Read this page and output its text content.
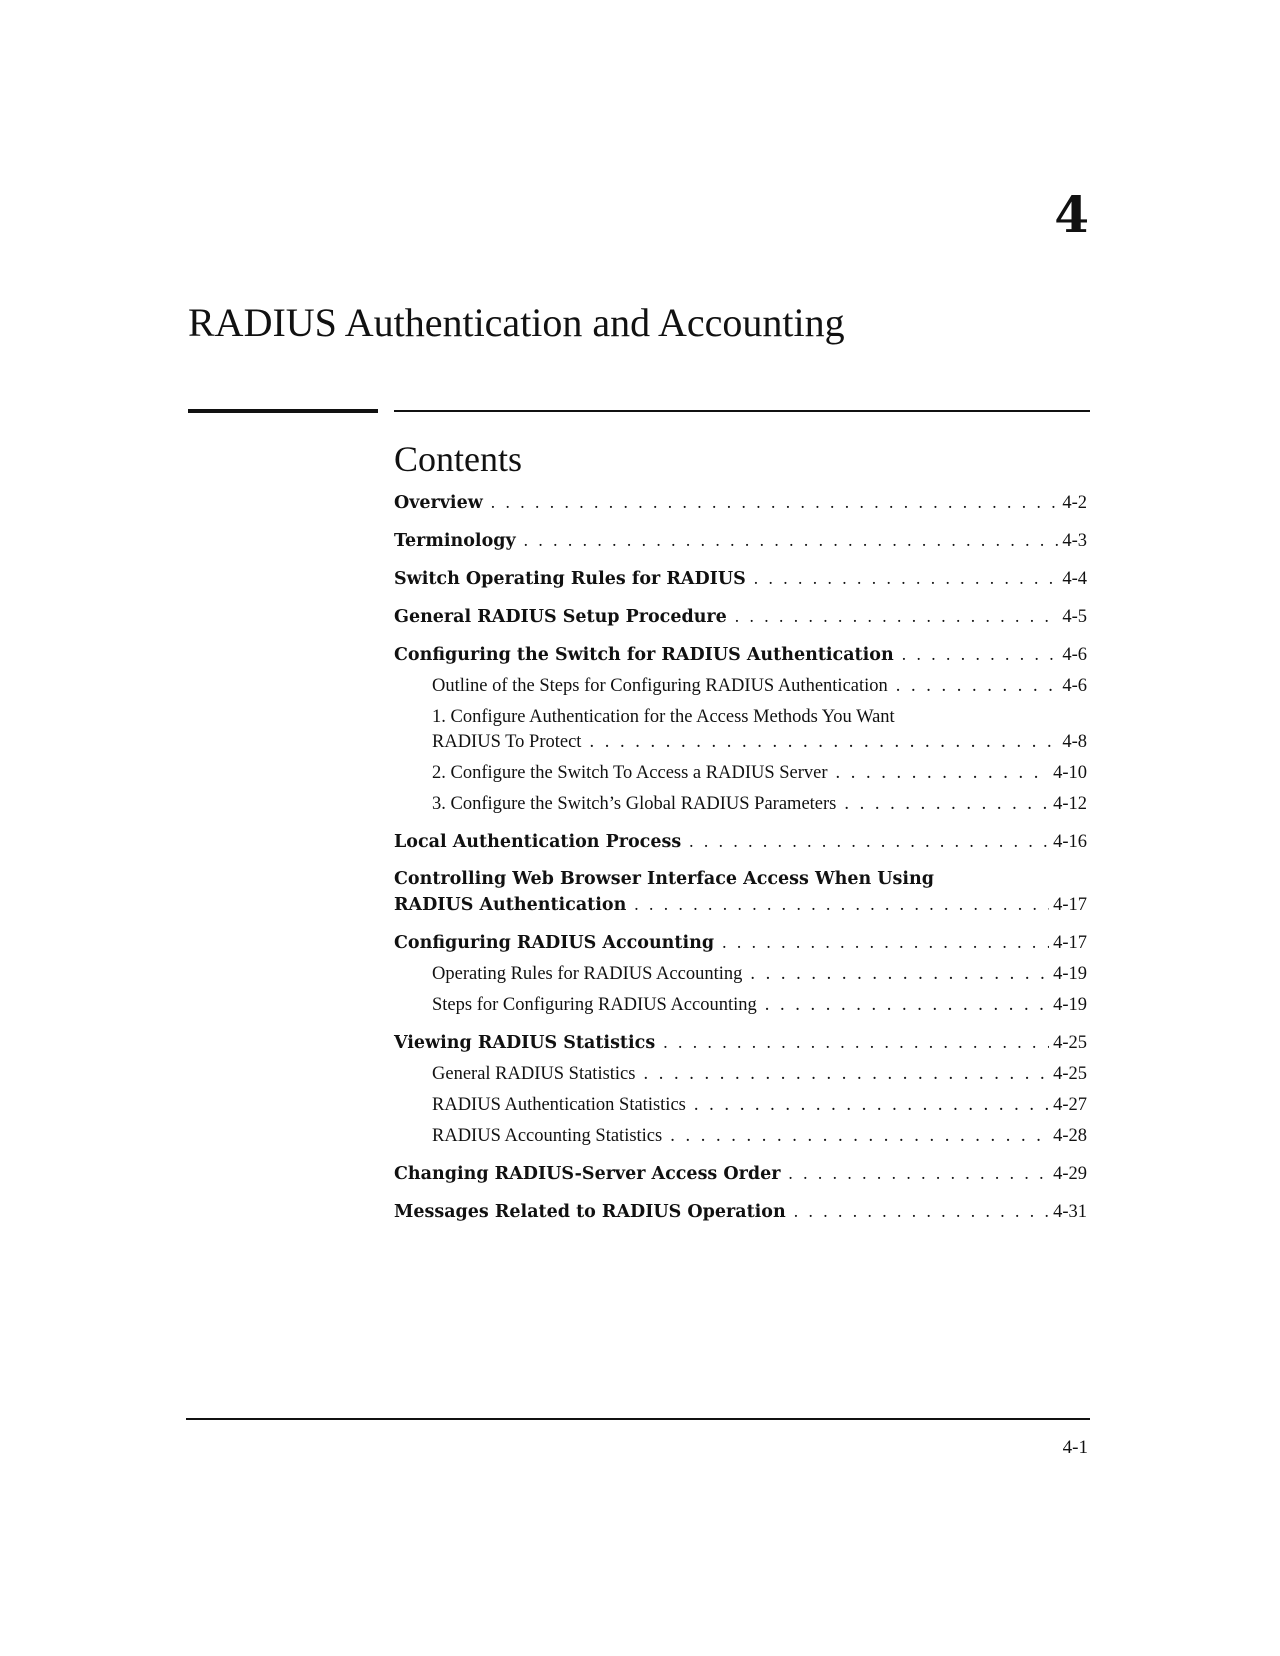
4
RADIUS Authentication and Accounting
Contents
Overview . . .	4-2
Terminology . . .	4-3
Switch Operating Rules for RADIUS . . .	4-4
General RADIUS Setup Procedure . . .	4-5
Configuring the Switch for RADIUS Authentication . . .	4-6
Outline of the Steps for Configuring RADIUS Authentication . . .	4-6
1. Configure Authentication for the Access Methods You Want
RADIUS To Protect . . .	4-8
2. Configure the Switch To Access a RADIUS Server . . .	4-10
3. Configure the Switch’s Global RADIUS Parameters . . .	4-12
Local Authentication Process . . .	4-16
Controlling Web Browser Interface Access When Using
RADIUS Authentication . . .	4-17
Configuring RADIUS Accounting . . .	4-17
Operating Rules for RADIUS Accounting . . .	4-19
Steps for Configuring RADIUS Accounting . . .	4-19
Viewing RADIUS Statistics . . .	4-25
General RADIUS Statistics . . .	4-25
RADIUS Authentication Statistics . . .	4-27
RADIUS Accounting Statistics . . .	4-28
Changing RADIUS-Server Access Order . . .	4-29
Messages Related to RADIUS Operation . . .	4-31
4-1
